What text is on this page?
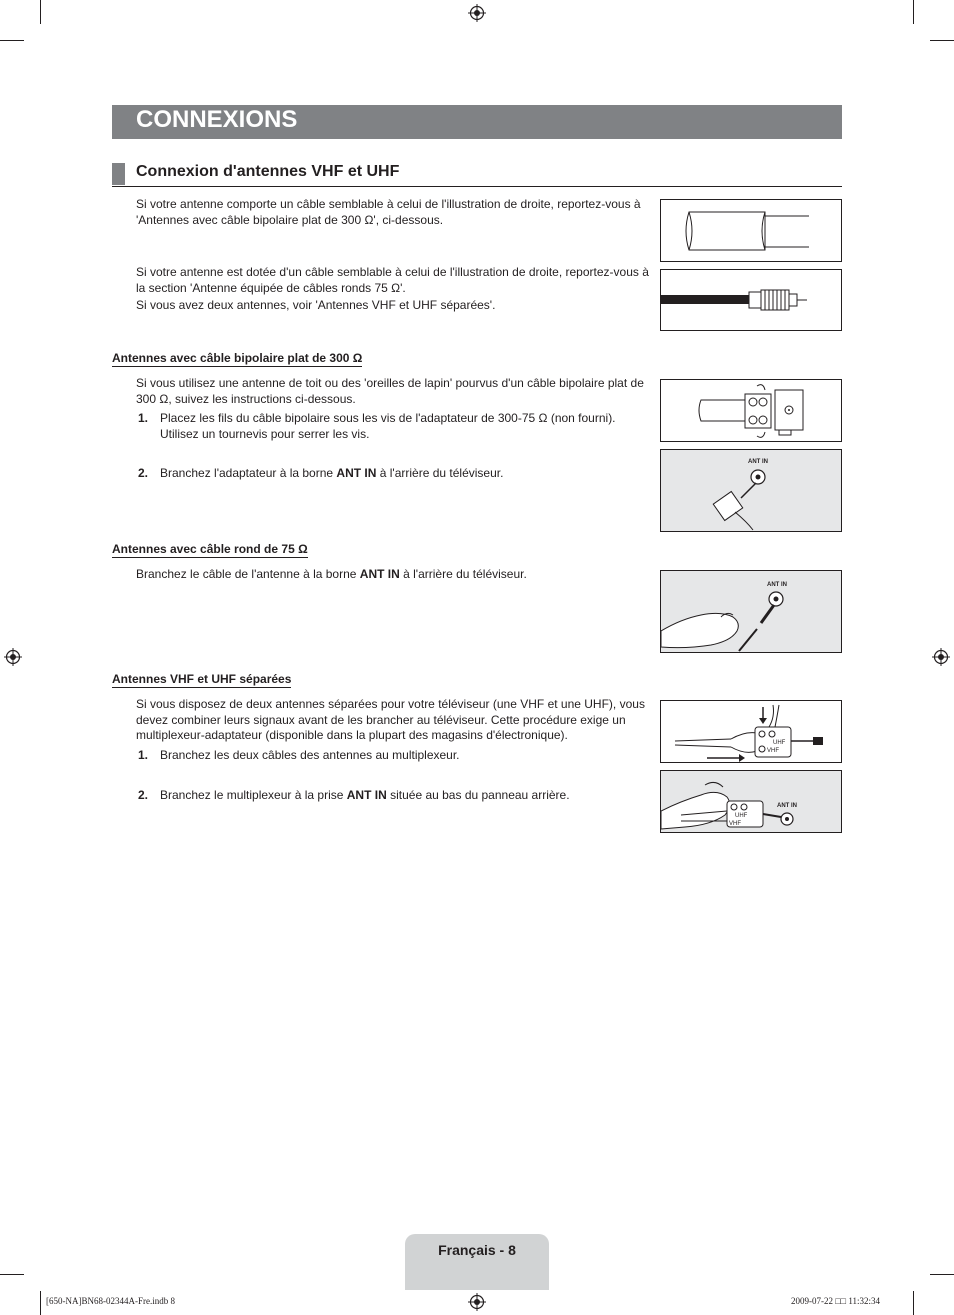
CONNEXIONS
Connexion d'antennes VHF et UHF
Si votre antenne comporte un câble semblable à celui de l'illustration de droite, reportez-vous à 'Antennes avec câble bipolaire plat de 300 Ω', ci-dessous.
Si votre antenne est dotée d'un câble semblable à celui de l'illustration de droite, reportez-vous à la section 'Antenne équipée de câbles ronds 75 Ω'.
Si vous avez deux antennes, voir 'Antennes VHF et UHF séparées'.
Antennes avec câble bipolaire plat de 300 Ω
Si vous utilisez une antenne de toit ou des 'oreilles de lapin' pourvus d'un câble bipolaire plat de 300 Ω, suivez les instructions ci-dessous.
1. Placez les fils du câble bipolaire sous les vis de l'adaptateur de 300-75 Ω (non fourni). Utilisez un tournevis pour serrer les vis.
2. Branchez l'adaptateur à la borne ANT IN à l'arrière du téléviseur.
ANT IN
Antennes avec câble rond de 75 Ω
Branchez le câble de l'antenne à la borne ANT IN à l'arrière du téléviseur.
ANT IN
Antennes VHF et UHF séparées
Si vous disposez de deux antennes séparées pour votre téléviseur (une VHF et une UHF), vous devez combiner leurs signaux avant de les brancher au téléviseur. Cette procédure exige un multiplexeur-adaptateur (disponible dans la plupart des magasins d'électronique).
1. Branchez les deux câbles des antennes au multiplexeur.
2. Branchez le multiplexeur à la prise ANT IN située au bas du panneau arrière.
UHF
VHF
UHF
VHF
ANT IN
Français - 8
[650-NA]BN68-02344A-Fre.indb 8	2009-07-22 □□ 11:32:34
